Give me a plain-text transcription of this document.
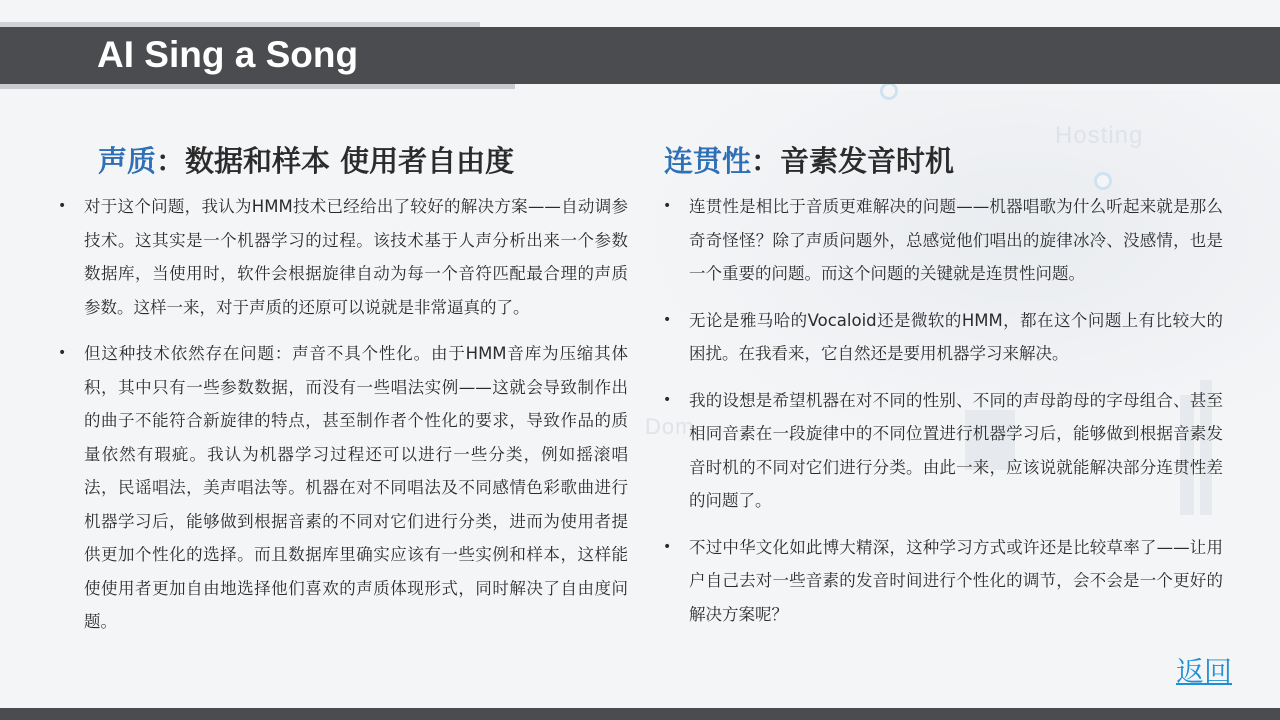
Hosting
Dom
AI Sing a Song
声质：数据和样本 使用者自由度
• 对于这个问题，我认为HMM技术已经给出了较好的解决方案——自动调参技术。这其实是一个机器学习的过程。该技术基于人声分析出来一个参数数据库，当使用时，软件会根据旋律自动为每一个音符匹配最合理的声质参数。这样一来，对于声质的还原可以说就是非常逼真的了。
• 但这种技术依然存在问题：声音不具个性化。由于HMM音库为压缩其体积，其中只有一些参数数据，而没有一些唱法实例——这就会导致制作出的曲子不能符合新旋律的特点，甚至制作者个性化的要求，导致作品的质量依然有瑕疵。我认为机器学习过程还可以进行一些分类，例如摇滚唱法，民谣唱法，美声唱法等。机器在对不同唱法及不同感情色彩歌曲进行机器学习后，能够做到根据音素的不同对它们进行分类，进而为使用者提供更加个性化的选择。而且数据库里确实应该有一些实例和样本，这样能使使用者更加自由地选择他们喜欢的声质体现形式，同时解决了自由度问题。
连贯性：音素发音时机
• 连贯性是相比于音质更难解决的问题——机器唱歌为什么听起来就是那么奇奇怪怪？除了声质问题外，总感觉他们唱出的旋律冰冷、没感情，也是一个重要的问题。而这个问题的关键就是连贯性问题。
• 无论是雅马哈的Vocaloid还是微软的HMM，都在这个问题上有比较大的困扰。在我看来，它自然还是要用机器学习来解决。
• 我的设想是希望机器在对不同的性别、不同的声母韵母的字母组合、甚至相同音素在一段旋律中的不同位置进行机器学习后，能够做到根据音素发音时机的不同对它们进行分类。由此一来，应该说就能解决部分连贯性差的问题了。
• 不过中华文化如此博大精深，这种学习方式或许还是比较草率了——让用户自己去对一些音素的发音时间进行个性化的调节，会不会是一个更好的解决方案呢？
返回
